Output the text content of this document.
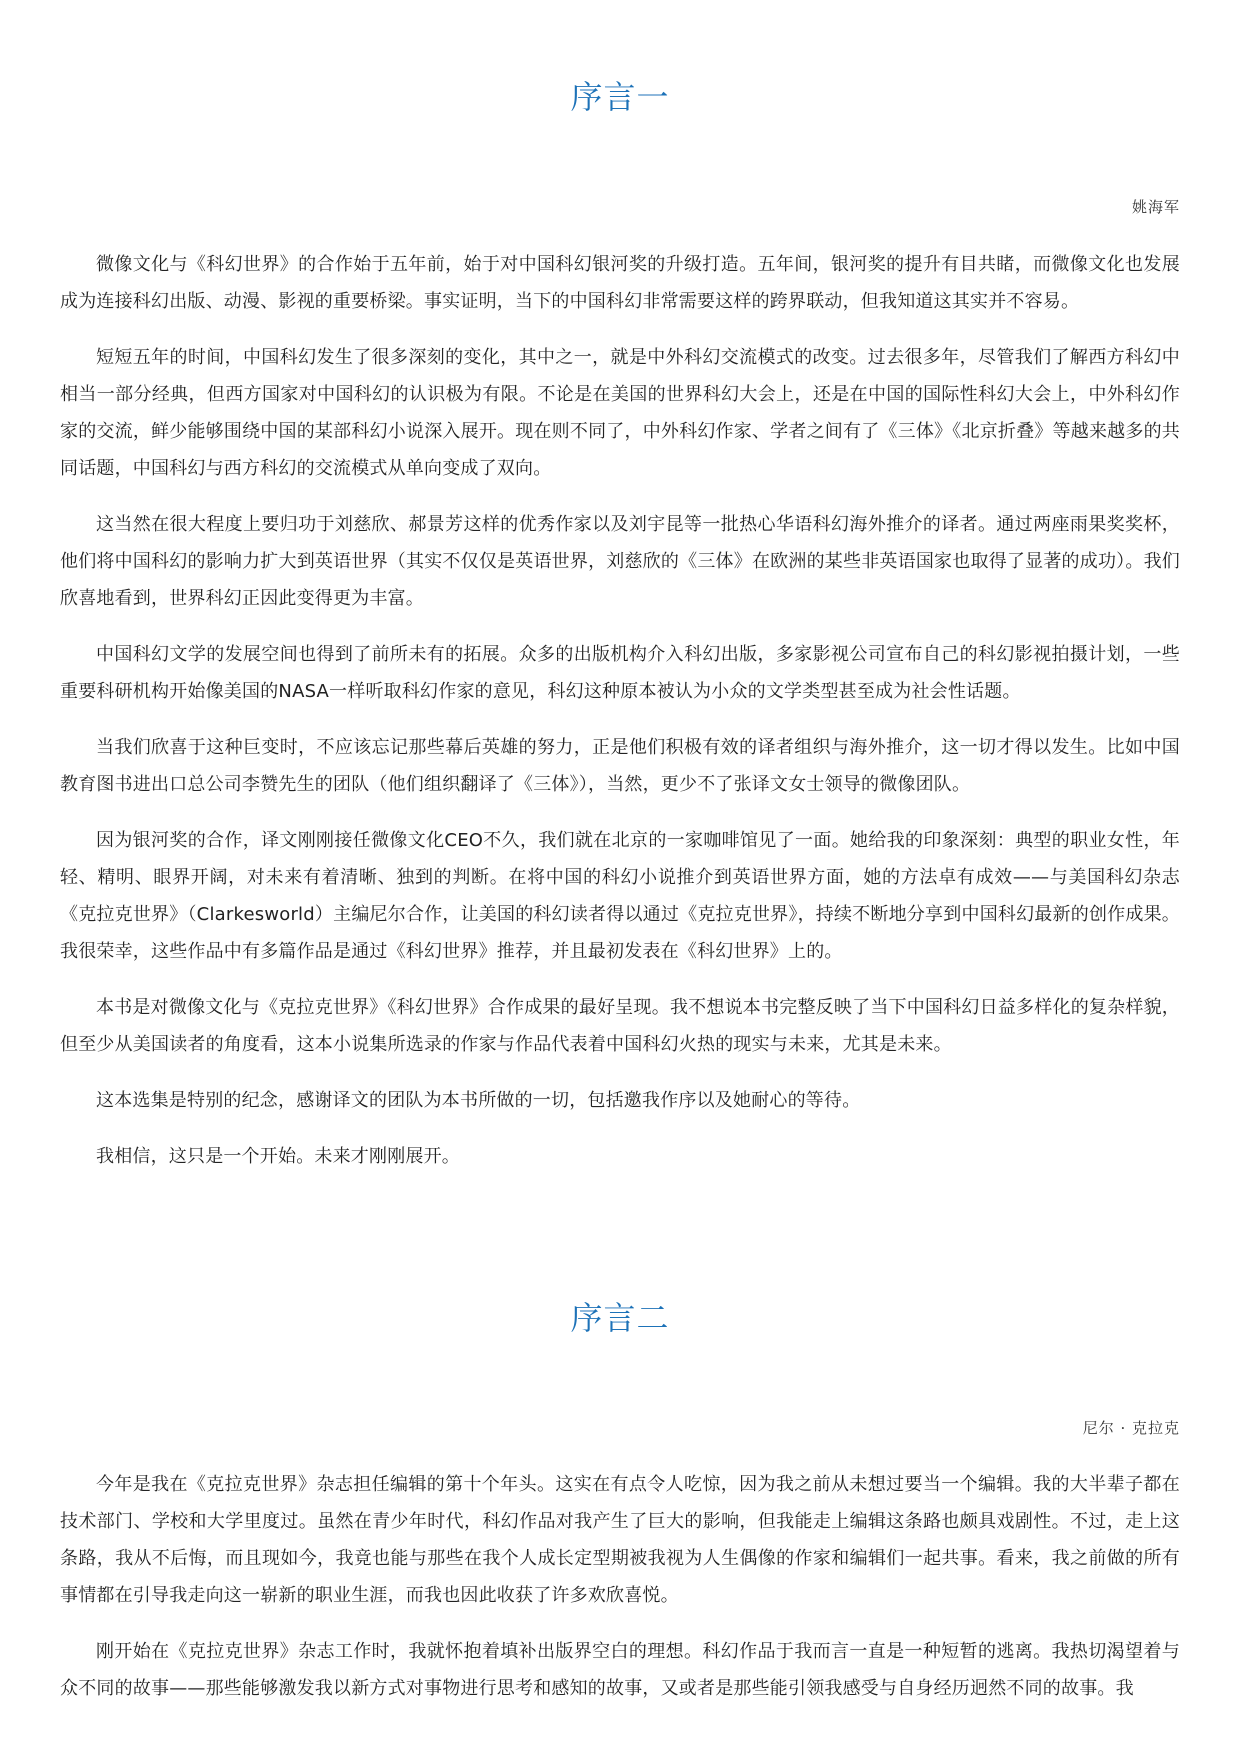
序言一

姚海军

微像文化与《科幻世界》的合作始于五年前，始于对中国科幻银河奖的升级打造。五年间，银河奖的提升有目共睹，而微像文化也发展成为连接科幻出版、动漫、影视的重要桥梁。事实证明，当下的中国科幻非常需要这样的跨界联动，但我知道这其实并不容易。

短短五年的时间，中国科幻发生了很多深刻的变化，其中之一，就是中外科幻交流模式的改变。过去很多年，尽管我们了解西方科幻中相当一部分经典，但西方国家对中国科幻的认识极为有限。不论是在美国的世界科幻大会上，还是在中国的国际性科幻大会上，中外科幻作家的交流，鲜少能够围绕中国的某部科幻小说深入展开。现在则不同了，中外科幻作家、学者之间有了《三体》《北京折叠》等越来越多的共同话题，中国科幻与西方科幻的交流模式从单向变成了双向。

这当然在很大程度上要归功于刘慈欣、郝景芳这样的优秀作家以及刘宇昆等一批热心华语科幻海外推介的译者。通过两座雨果奖奖杯，他们将中国科幻的影响力扩大到英语世界（其实不仅仅是英语世界，刘慈欣的《三体》在欧洲的某些非英语国家也取得了显著的成功）。我们欣喜地看到，世界科幻正因此变得更为丰富。

中国科幻文学的发展空间也得到了前所未有的拓展。众多的出版机构介入科幻出版，多家影视公司宣布自己的科幻影视拍摄计划，一些重要科研机构开始像美国的NASA一样听取科幻作家的意见，科幻这种原本被认为小众的文学类型甚至成为社会性话题。

当我们欣喜于这种巨变时，不应该忘记那些幕后英雄的努力，正是他们积极有效的译者组织与海外推介，这一切才得以发生。比如中国教育图书进出口总公司李赞先生的团队（他们组织翻译了《三体》），当然，更少不了张译文女士领导的微像团队。

因为银河奖的合作，译文刚刚接任微像文化CEO不久，我们就在北京的一家咖啡馆见了一面。她给我的印象深刻：典型的职业女性，年轻、精明、眼界开阔，对未来有着清晰、独到的判断。在将中国的科幻小说推介到英语世界方面，她的方法卓有成效——与美国科幻杂志《克拉克世界》（Clarkesworld）主编尼尔合作，让美国的科幻读者得以通过《克拉克世界》，持续不断地分享到中国科幻最新的创作成果。我很荣幸，这些作品中有多篇作品是通过《科幻世界》推荐，并且最初发表在《科幻世界》上的。

本书是对微像文化与《克拉克世界》《科幻世界》合作成果的最好呈现。我不想说本书完整反映了当下中国科幻日益多样化的复杂样貌，但至少从美国读者的角度看，这本小说集所选录的作家与作品代表着中国科幻火热的现实与未来，尤其是未来。

这本选集是特别的纪念，感谢译文的团队为本书所做的一切，包括邀我作序以及她耐心的等待。

我相信，这只是一个开始。未来才刚刚展开。

序言二

尼尔 · 克拉克

今年是我在《克拉克世界》杂志担任编辑的第十个年头。这实在有点令人吃惊，因为我之前从未想过要当一个编辑。我的大半辈子都在技术部门、学校和大学里度过。虽然在青少年时代，科幻作品对我产生了巨大的影响，但我能走上编辑这条路也颇具戏剧性。不过，走上这条路，我从不后悔，而且现如今，我竟也能与那些在我个人成长定型期被我视为人生偶像的作家和编辑们一起共事。看来，我之前做的所有事情都在引导我走向这一崭新的职业生涯，而我也因此收获了许多欢欣喜悦。

刚开始在《克拉克世界》杂志工作时，我就怀抱着填补出版界空白的理想。科幻作品于我而言一直是一种短暂的逃离。我热切渴望着与众不同的故事——那些能够激发我以新方式对事物进行思考和感知的故事，又或者是那些能引领我感受与自身经历迥然不同的故事。我
